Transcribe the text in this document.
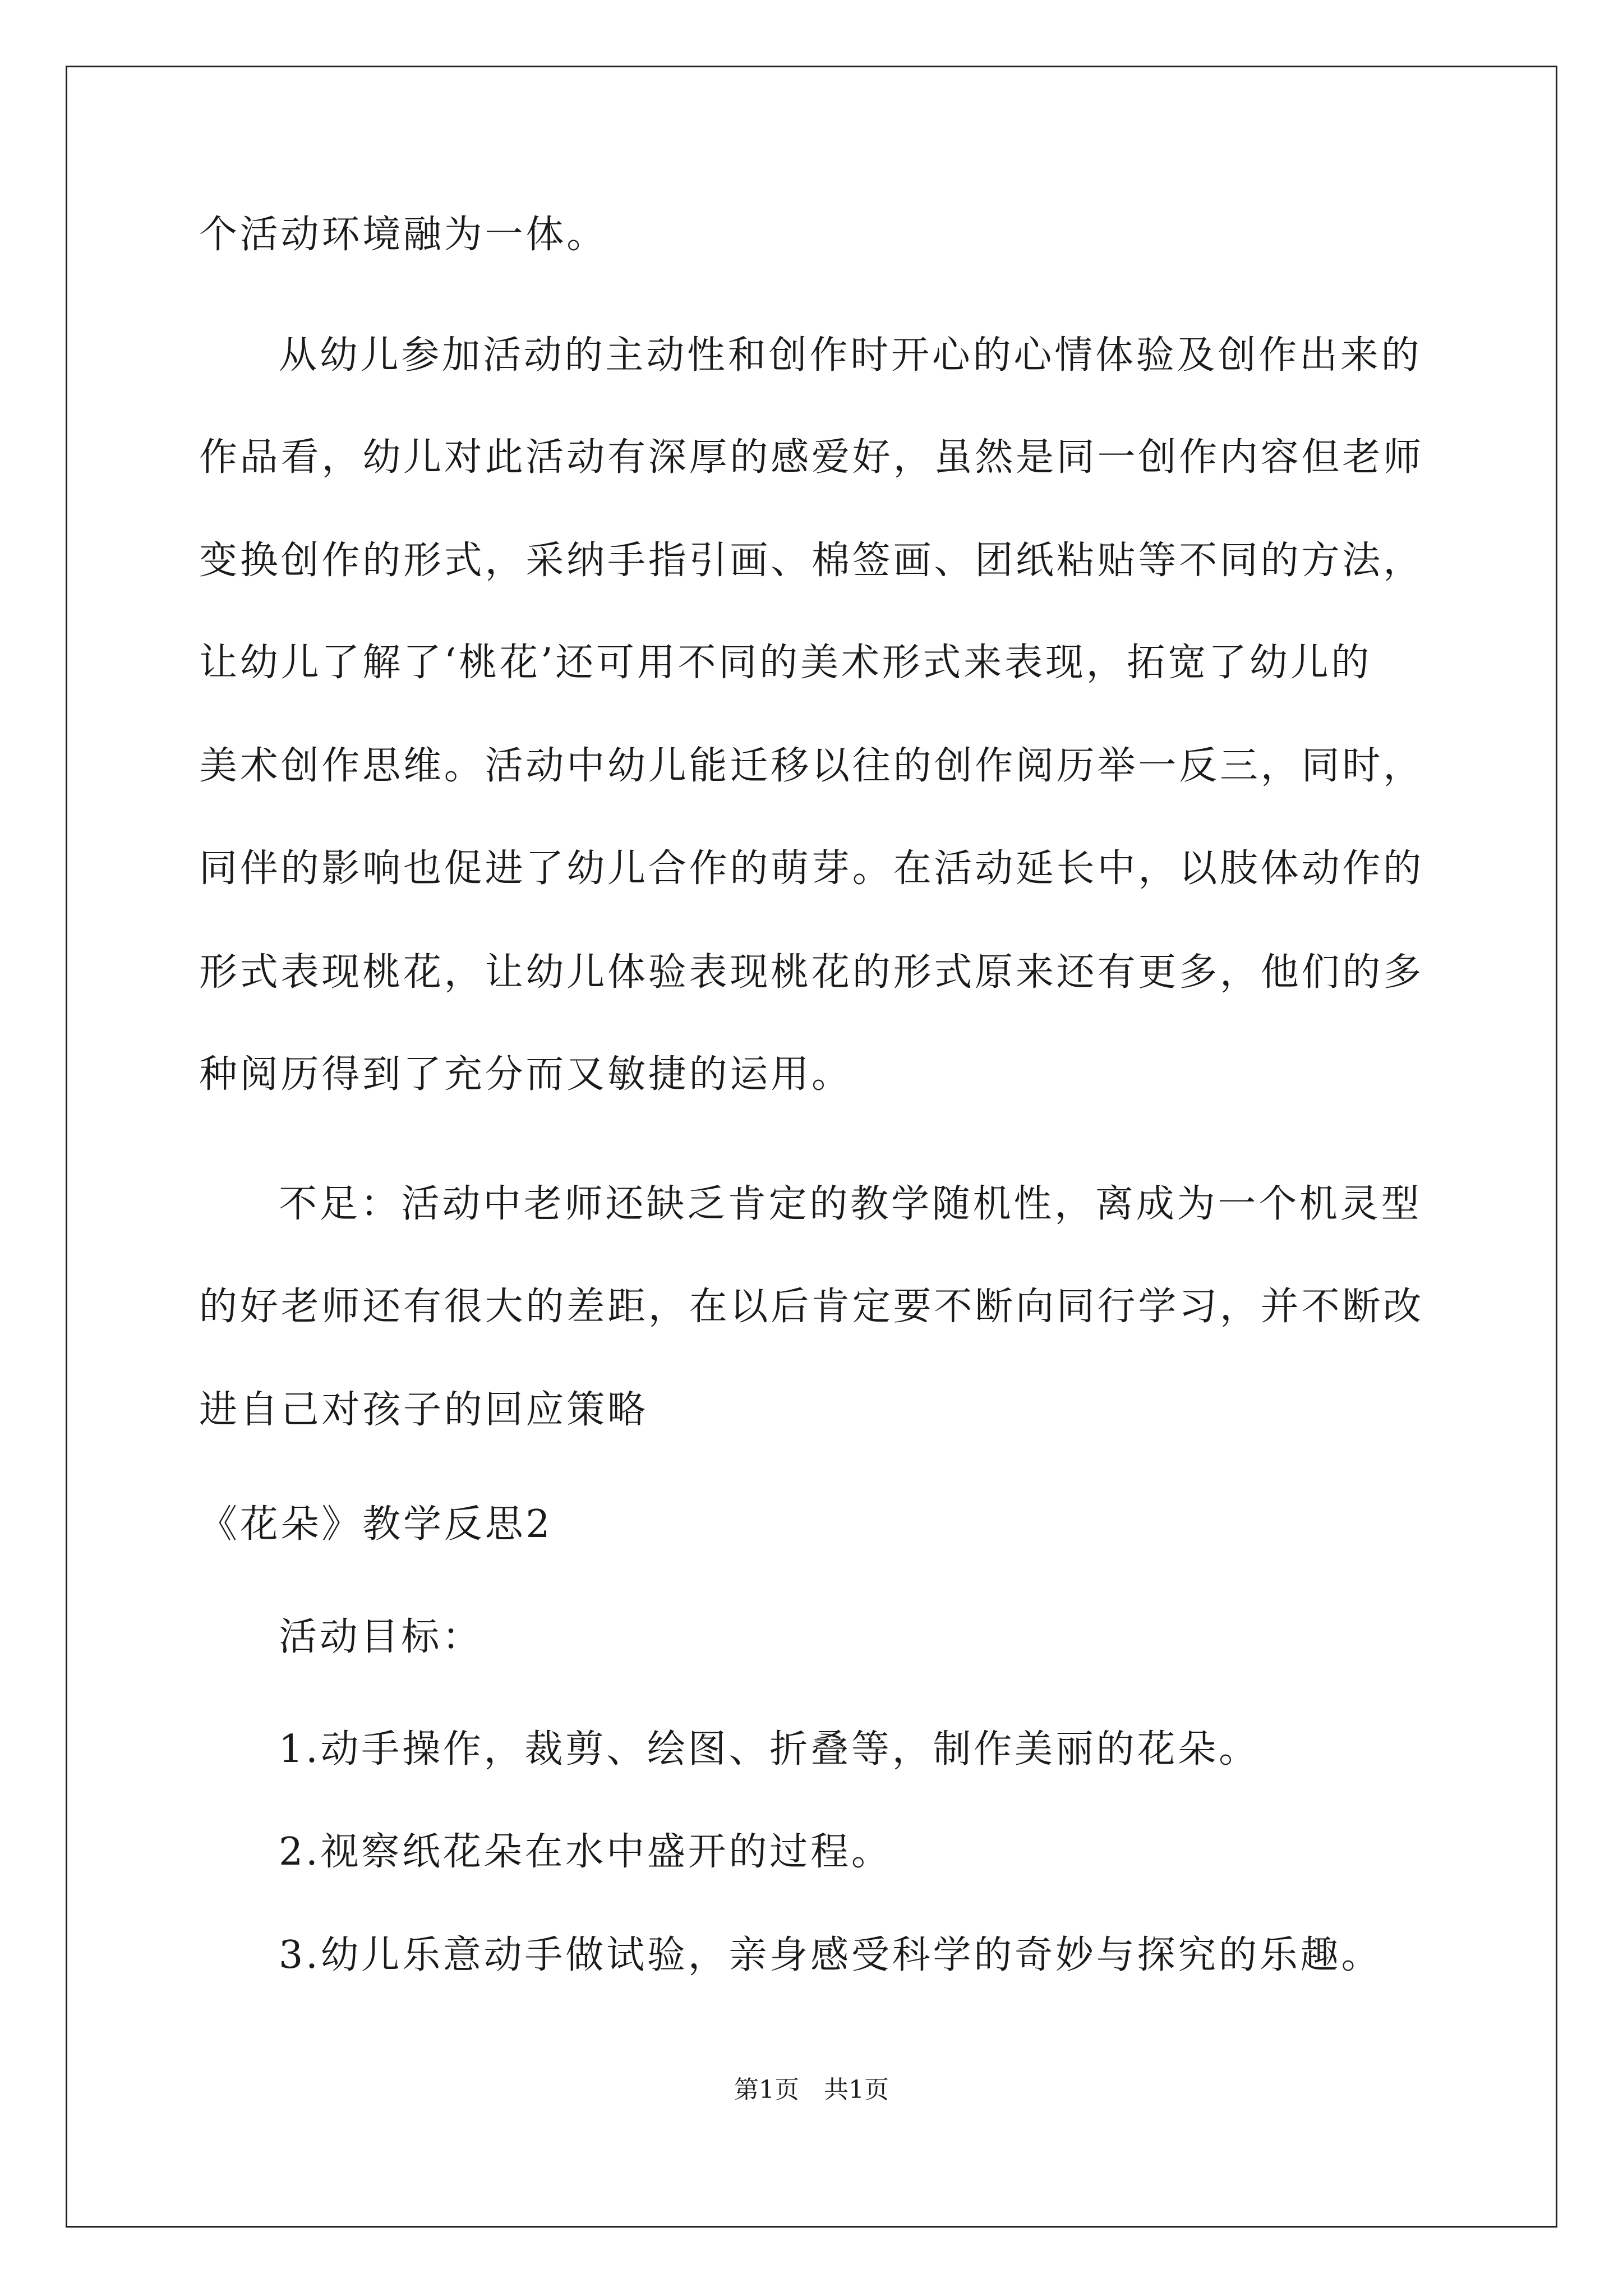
个活动环境融为一体。
从幼儿参加活动的主动性和创作时开心的心情体验及创作出来的
作品看，幼儿对此活动有深厚的感爱好，虽然是同一创作内容但老师
变换创作的形式，采纳手指引画、棉签画、团纸粘贴等不同的方法，
让幼儿了解了‘桃花’还可用不同的美术形式来表现，拓宽了幼儿的
美术创作思维。活动中幼儿能迁移以往的创作阅历举一反三，同时，
同伴的影响也促进了幼儿合作的萌芽。在活动延长中，以肢体动作的
形式表现桃花，让幼儿体验表现桃花的形式原来还有更多，他们的多
种阅历得到了充分而又敏捷的运用。
不足：活动中老师还缺乏肯定的教学随机性，离成为一个机灵型
的好老师还有很大的差距，在以后肯定要不断向同行学习，并不断改
进自己对孩子的回应策略
《花朵》教学反思2
活动目标：
1.动手操作，裁剪、绘图、折叠等，制作美丽的花朵。
2.视察纸花朵在水中盛开的过程。
3.幼儿乐意动手做试验，亲身感受科学的奇妙与探究的乐趣。
第1页　共1页
